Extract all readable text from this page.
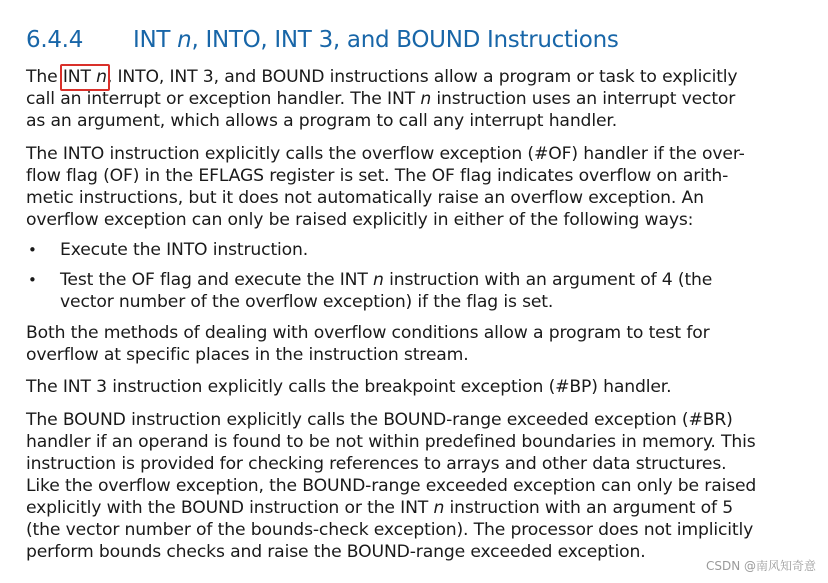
6.4.4 INT n, INTO, INT 3, and BOUND Instructions

The INT n, INTO, INT 3, and BOUND instructions allow a program or task to explicitly

call an interrupt or exception handler. The INT n instruction uses an interrupt vector

as an argument, which allows a program to call any interrupt handler.

The INTO instruction explicitly calls the overflow exception (#OF) handler if the over-

flow flag (OF) in the EFLAGS register is set. The OF flag indicates overflow on arith-

metic instructions, but it does not automatically raise an overflow exception. An

overflow exception can only be raised explicitly in either of the following ways:

• Execute the INTO instruction.
• Test the OF flag and execute the INT n instruction with an argument of 4 (the
vector number of the overflow exception) if the flag is set.

Both the methods of dealing with overflow conditions allow a program to test for

overflow at specific places in the instruction stream.

The INT 3 instruction explicitly calls the breakpoint exception (#BP) handler.

The BOUND instruction explicitly calls the BOUND-range exceeded exception (#BR)

handler if an operand is found to be not within predefined boundaries in memory. This

instruction is provided for checking references to arrays and other data structures.

Like the overflow exception, the BOUND-range exceeded exception can only be raised

explicitly with the BOUND instruction or the INT n instruction with an argument of 5

(the vector number of the bounds-check exception). The processor does not implicitly

perform bounds checks and raise the BOUND-range exceeded exception.

CSDN @南风知奇意
